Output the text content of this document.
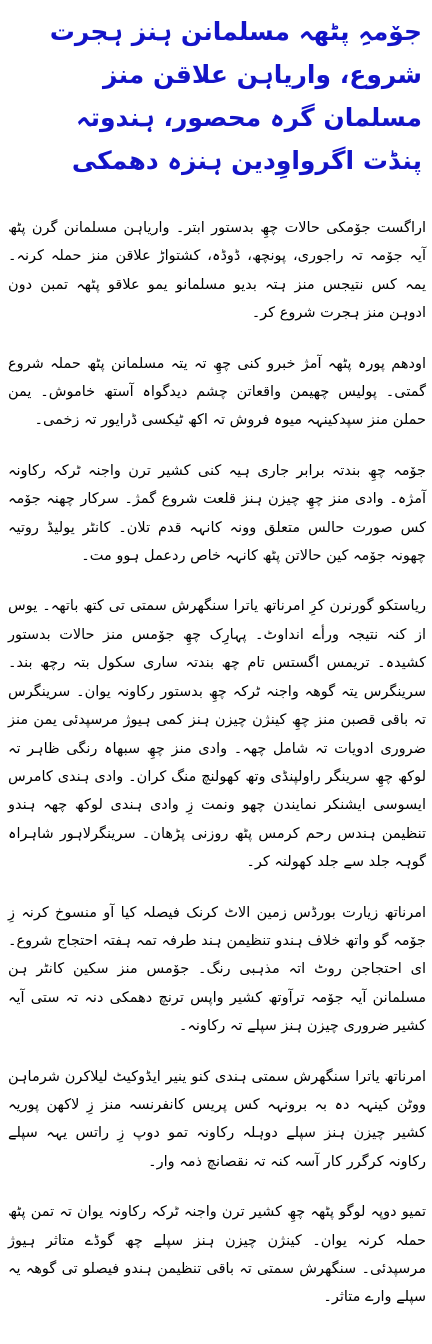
جۆمہِ پٹھہ مسلمانن ہنز ہجرت شروع، واریاہن علاقن منز مسلمان گرہ محصور، ہندوتہ پنڈت اگرواوِدین ہنزہ دھمکی

اراگست جۆمکی حالات چھِ بدستور ابتر۔ واریاہن مسلمانن گرن پٹھ آیہ جۆمہ تہ راجوری، پونچھ، ڈوڈہ، کشتواڑ علاقن منز حملہ کرنہ۔ یمہ کس نتیجس منز ہتہ بدیو مسلمانو یمو علاقو پٹھہ تمبن دون ادوہن منز ہجرت شروع کر۔

اودھم پورہ پٹھہ آمژ خبرو کنی چھِ تہ یتہ مسلمانن پٹھ حملہ شروع گمتی۔ پولیس چھیمن واقعاتن چشم دیدگواہ آستھ خاموش۔ یمن حملن منز سپدکینہہ میوہ فروش تہ اکھ ٹیکسی ڈرایور تہ زخمی۔

جۆمہ چھِ بندتہ برابر جاری ہیہ کنی کشیر ترن واجنہ ٹرکہ رکاونہ آمژہ۔ وادی منز چھِ چیزن ہنز قلعت شروع گمژ۔ سرکار چھنہ جۆمہ کس صورت حالس متعلق وونہ کانہہ قدم تلان۔ کانٹر یولیڈ روتیہ چھونہ جۆمہ کین حالاتن پٹھ کانہہ خاص ردعمل ہوو مت۔

ریاستکو گورنرن کرِ امرناتھ یاترا سنگھرش سمتی تی کتھ باتھہ۔ یوس از کنہ نتیجہ ورأے انداوٹ۔ پہارِک چھِ جۆمس منز حالات بدستور کشیدہ۔ تریمس اگستس تام چھ بندتہ ساری سکول بتہ رچھ بند۔ سرینگرس یتہ گوھہ واجنہ ٹرکہ چھِ بدستور رکاونہ یوان۔ سرینگرس تہ باقی قصبن منز چھِ کینژن چیزن ہنز کمی ہیوژ مرسپدئی یمن منز ضروری ادویات تہ شامل چھہ۔ وادی منز چھِ سبھاہ رنگی ظاہر تہ لوکھ چھِ سرینگر راولپنڈی وتھ کھولنچ منگ کران۔ وادی ہندی کامرس ایسوسی ایشنکر نمایندن چھو ونمت زِ وادی ہندی لوکھ چھہ ہندو تنظیمن ہندس رحم کرمس پٹھ روزنی پڑھان۔ سرینگرلاہور شاہراہ گوہہ جلد سے جلد کھولنہ کر۔

امرناتھ زیارت بورڈس زمین الاٹ کرنک فیصلہ کیا آو منسوخ کرنہ زِ جۆمہ گو واتھ خلاف ہندو تنظیمن ہند طرفہ تمہ ہفتہ احتجاج شروع۔ ای احتجاجن روٹ اتہ مذہبی رنگ۔ جۆمس منز سکین کانٹر ہن مسلمانن آیہ جۆمہ ترآوتھ کشیر واپس ترنچ دھمکی دنہ تہ ستی آیہ کشیر ضروری چیزن ہنز سپلے تہ رکاونہ۔

امرناتھ یاترا سنگھرش سمتی ہندی کنو ینیر ایڈوکیٹ لیلاکرن شرماہن ووٹن کینہہ دہ بہ برونہہ کس پریس کانفرنسہ منز زِ لاکھن پوریہ کشیر چیزن ہنز سپلے دوہلہ رکاونہ تمو دوپ زِ راتس یہہ سپلے رکاونہ کرگرر کار آسہ کنہ تہ نقصانچ ذمہ وار۔

تمیو دوپہ لوگو پٹھہ چھِ کشیر ترن واجنہ ٹرکہ رکاونہ یوان تہ تمن پٹھ حملہ کرنہ یوان۔ کینژن چیزن ہنز سپلے چھ گوڈے متاثر ہیوژ مرسپدئی۔ سنگھرش سمتی تہ باقی تنظیمن ہندو فیصلو تی گوھہ یہ سپلے وارے متاثر۔
